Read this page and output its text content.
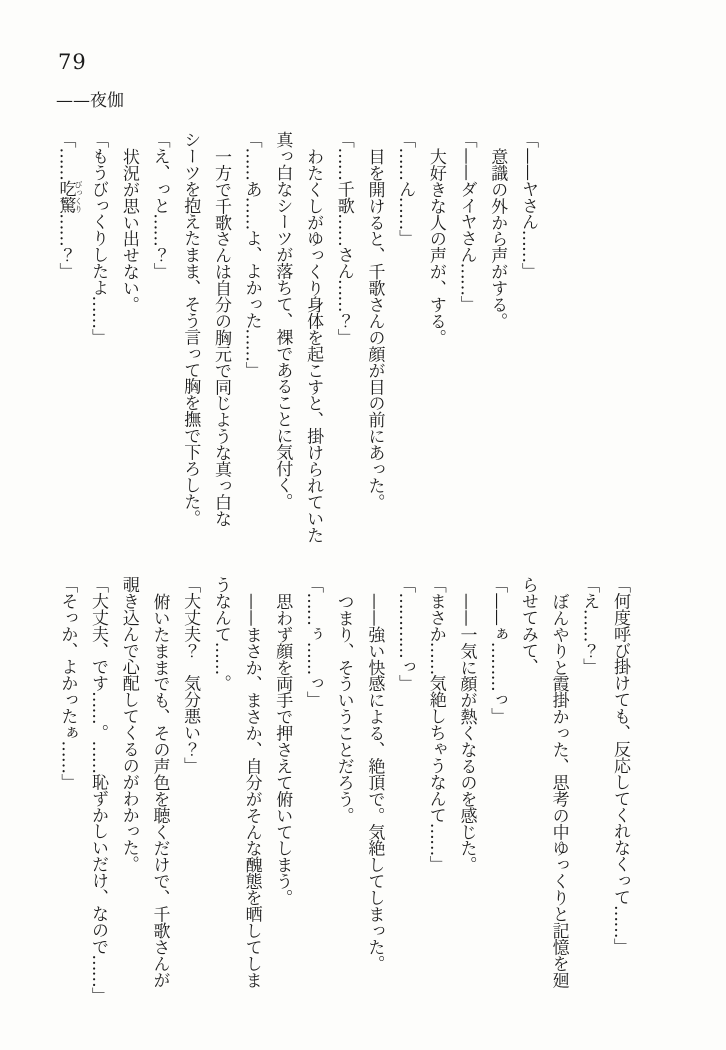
79
——夜伽

「——ヤさん……」

意識の外から声がする。

「——ダイヤさん……」

大好きな人の声が、する。

「……ん……」

目を開けると、千歌さんの顔が目の前にあった。

「……千歌……さん……？」

わたくしがゆっくり身体を起こすと、掛けられていた

真っ白なシーツが落ちて、裸であることに気付く。

「……あ……よ、よかった……」

一方で千歌さんは自分の胸元で同じような真っ白な

シーツを抱えたまま、そう言って胸を撫で下ろした。

「え、っと……？」

状況が思い出せない。

「もうびっくりしたよ……」

「……吃驚びっくり……？」

「何度呼び掛けても、反応してくれなくって……」

「え……？」

ぼんやりと霞掛かった、思考の中ゆっくりと記憶を廻

らせてみて、

「——ぁ………っ」

——一気に顔が熱くなるのを感じた。

「まさか……気絶しちゃうなんて……」

「…………っ」

——強い快感による、絶頂で。気絶してしまった。

つまり、そういうことだろう。

「……ぅ……っ」

思わず顔を両手で押さえて俯いてしまう。

——まさか、まさか、自分がそんな醜態を晒してしま

うなんて……。

「大丈夫？　気分悪い？」

俯いたままでも、その声色を聴くだけで、千歌さんが

覗き込んで心配してくるのがわかった。

「大丈夫、です……。……恥ずかしいだけ、なので……」

「そっか、よかったぁ……」
